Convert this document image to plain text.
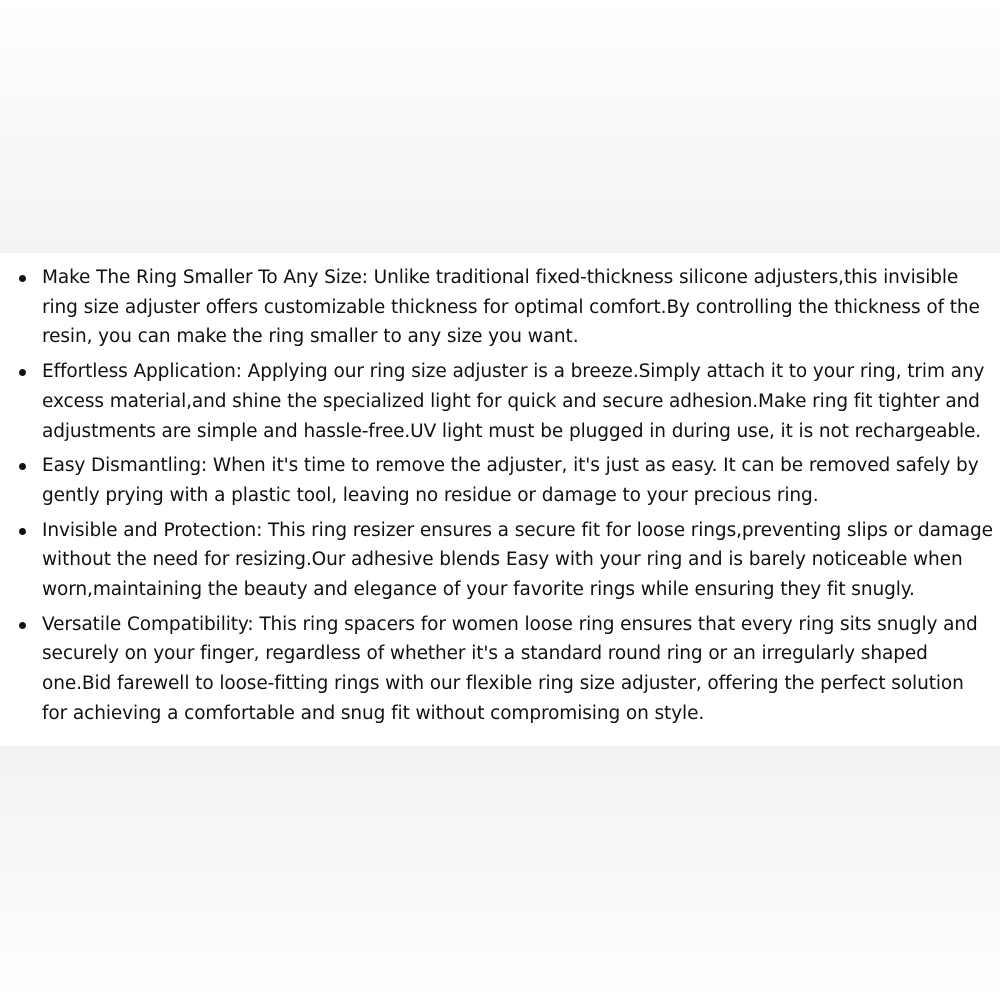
Make The Ring Smaller To Any Size: Unlike traditional fixed-thickness silicone adjusters,this invisible ring size adjuster offers customizable thickness for optimal comfort.By controlling the thickness of the resin, you can make the ring smaller to any size you want.
Effortless Application: Applying our ring size adjuster is a breeze.Simply attach it to your ring, trim any excess material,and shine the specialized light for quick and secure adhesion.Make ring fit tighter and adjustments are simple and hassle-free.UV light must be plugged in during use, it is not rechargeable.
Easy Dismantling: When it's time to remove the adjuster, it's just as easy. It can be removed safely by gently prying with a plastic tool, leaving no residue or damage to your precious ring.
Invisible and Protection: This ring resizer ensures a secure fit for loose rings,preventing slips or damage without the need for resizing.Our adhesive blends Easy with your ring and is barely noticeable when worn,maintaining the beauty and elegance of your favorite rings while ensuring they fit snugly.
Versatile Compatibility: This ring spacers for women loose ring ensures that every ring sits snugly and securely on your finger, regardless of whether it's a standard round ring or an irregularly shaped one.Bid farewell to loose-fitting rings with our flexible ring size adjuster, offering the perfect solution for achieving a comfortable and snug fit without compromising on style.
